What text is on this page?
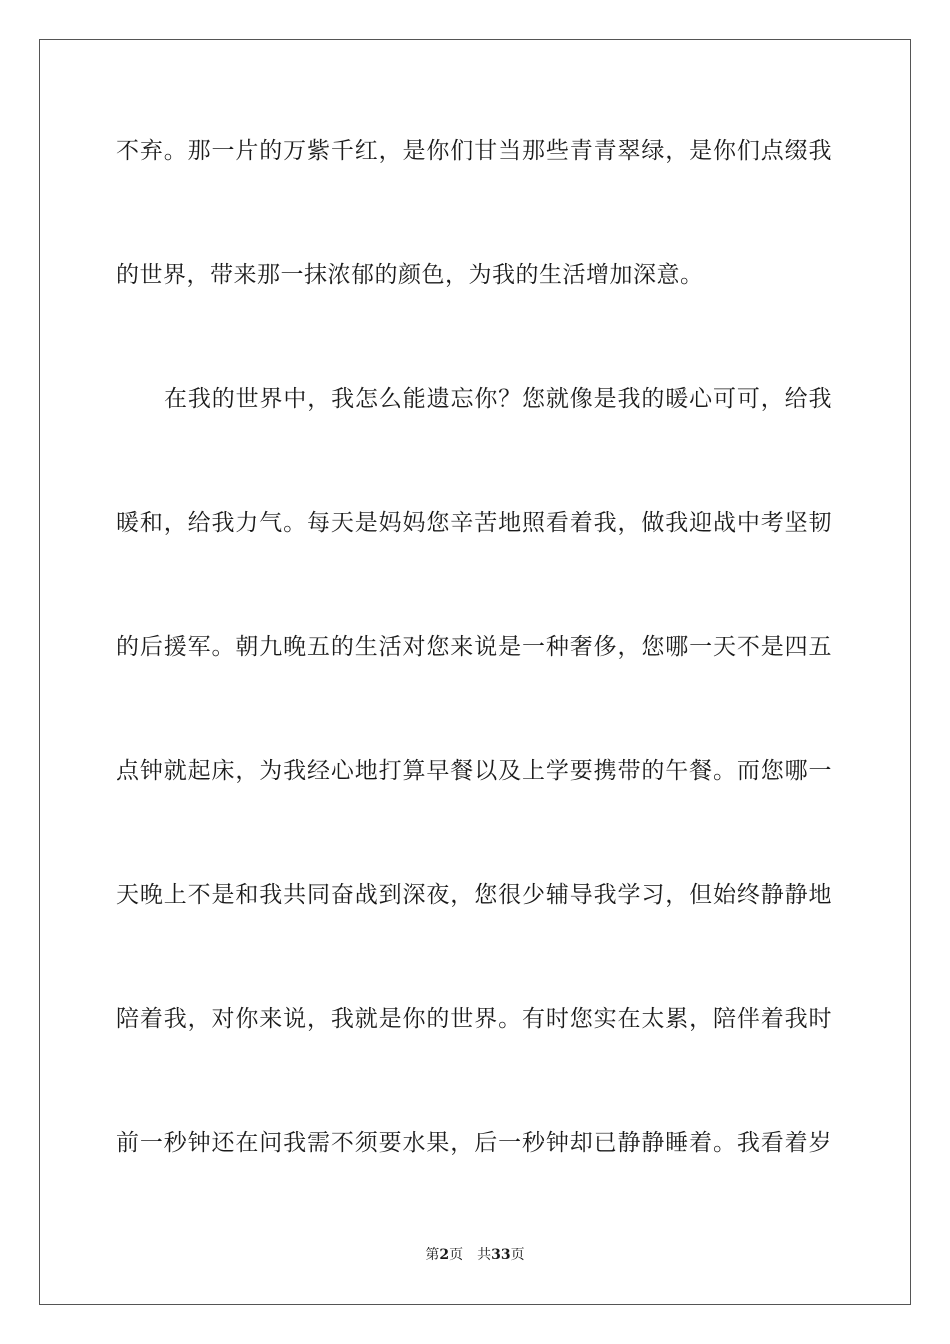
不弃。那一片的万紫千红，是你们甘当那些青青翠绿，是你们点缀我
的世界，带来那一抹浓郁的颜色，为我的生活增加深意。
在我的世界中，我怎么能遗忘你？您就像是我的暖心可可，给我
暖和，给我力气。每天是妈妈您辛苦地照看着我，做我迎战中考坚韧
的后援军。朝九晚五的生活对您来说是一种奢侈，您哪一天不是四五
点钟就起床，为我经心地打算早餐以及上学要携带的午餐。而您哪一
天晚上不是和我共同奋战到深夜，您很少辅导我学习，但始终静静地
陪着我，对你来说，我就是你的世界。有时您实在太累，陪伴着我时
前一秒钟还在问我需不须要水果，后一秒钟却已静静睡着。我看着岁
第2页 共33页
